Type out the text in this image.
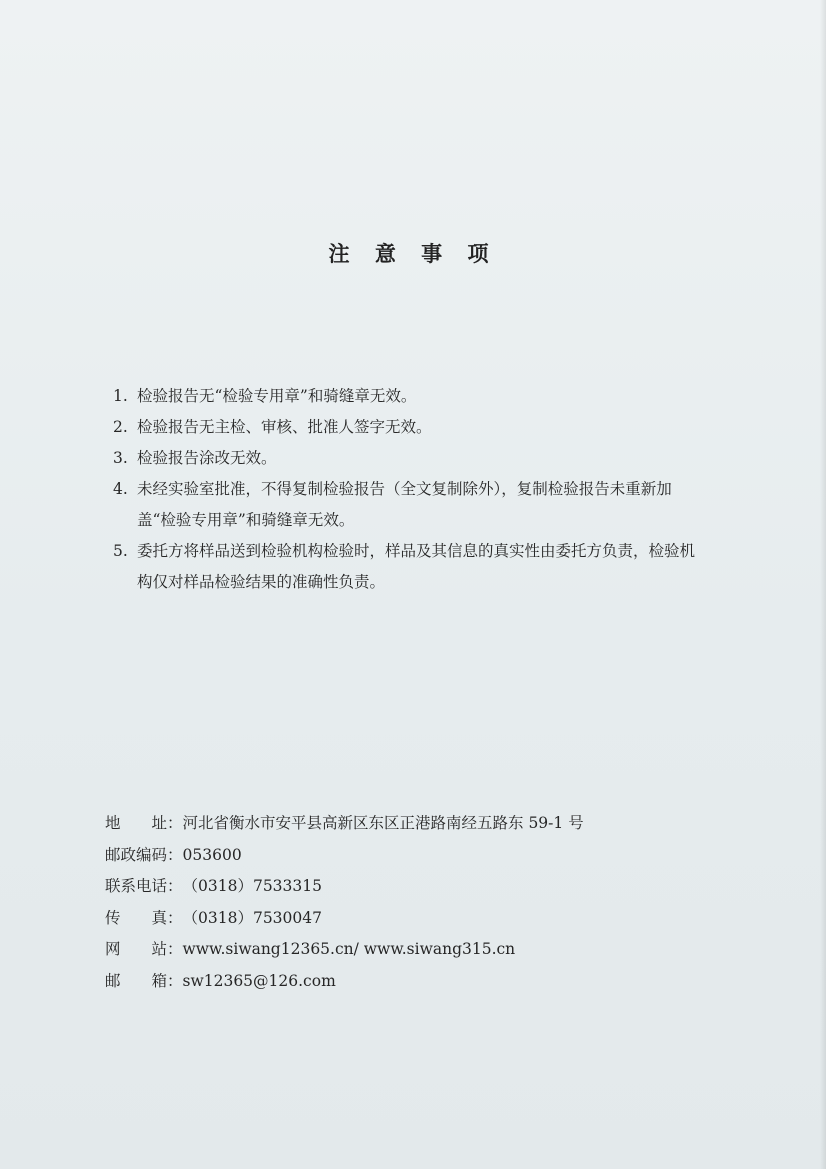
注 意 事 项
1. 检验报告无“检验专用章”和骑缝章无效。
2. 检验报告无主检、审核、批准人签字无效。
3. 检验报告涂改无效。
4. 未经实验室批准，不得复制检验报告（全文复制除外），复制检验报告未重新加盖“检验专用章”和骑缝章无效。
5. 委托方将样品送到检验机构检验时，样品及其信息的真实性由委托方负责，检验机构仅对样品检验结果的准确性负责。
地　　址： 河北省衡水市安平县高新区东区正港路南经五路东 59-1 号
邮政编码： 053600
联系电话： （0318）7533315
传　　真： （0318）7530047
网　　站： www.siwang12365.cn/ www.siwang315.cn
邮　　箱： sw12365@126.com
